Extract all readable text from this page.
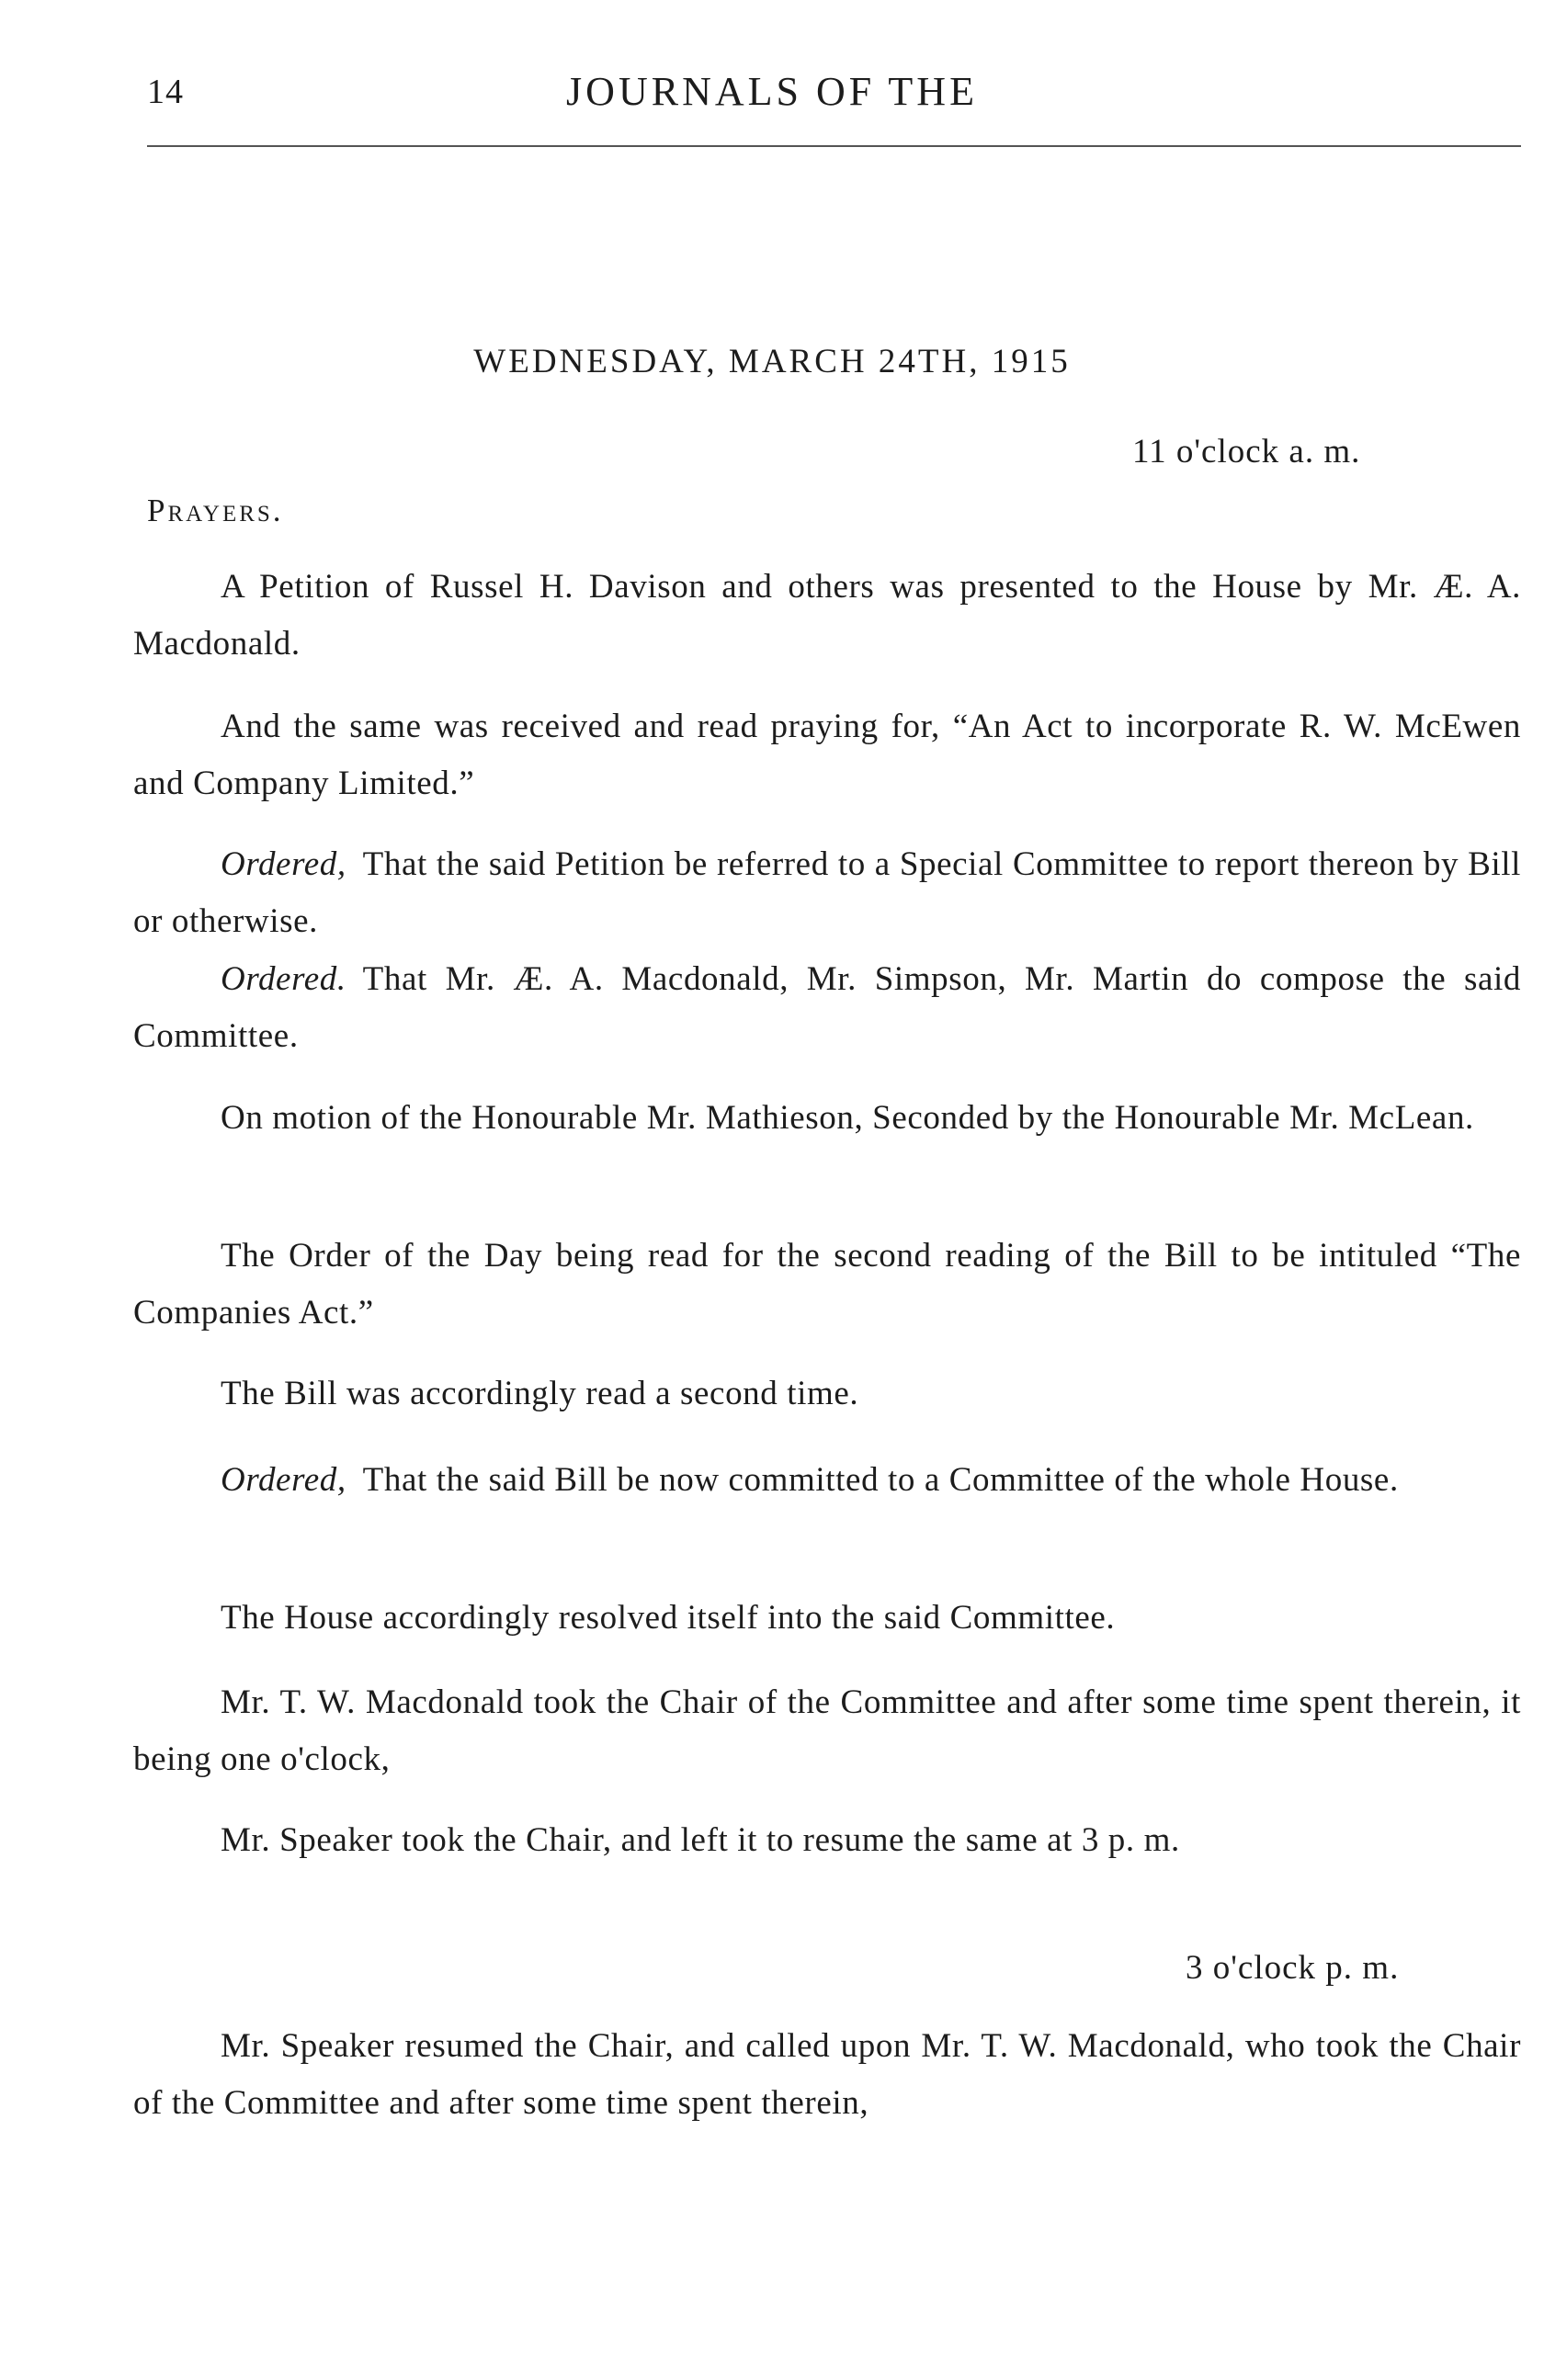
14	JOURNALS OF THE
WEDNESDAY, MARCH 24TH, 1915
11 o'clock a. m.
Prayers.

A Petition of Russel H. Davison and others was presented to the House by Mr. Æ. A. Macdonald.

And the same was received and read praying for, “An Act to incorporate R. W. McEwen and Company Limited.”

Ordered, That the said Petition be referred to a Special Committee to report thereon by Bill or otherwise.

Ordered. That Mr. Æ. A. Macdonald, Mr. Simpson, Mr. Martin do compose the said Committee.

On motion of the Honourable Mr. Mathieson, Seconded by the Honourable Mr. McLean.

The Order of the Day being read for the second reading of the Bill to be intituled “The Companies Act.”

The Bill was accordingly read a second time.

Ordered, That the said Bill be now committed to a Committee of the whole House.

The House accordingly resolved itself into the said Committee.

Mr. T. W. Macdonald took the Chair of the Committee and after some time spent therein, it being one o'clock,

Mr. Speaker took the Chair, and left it to resume the same at 3 p. m.

3 o'clock p. m.

Mr. Speaker resumed the Chair, and called upon Mr. T. W. Macdonald, who took the Chair of the Committee and after some time spent therein,
